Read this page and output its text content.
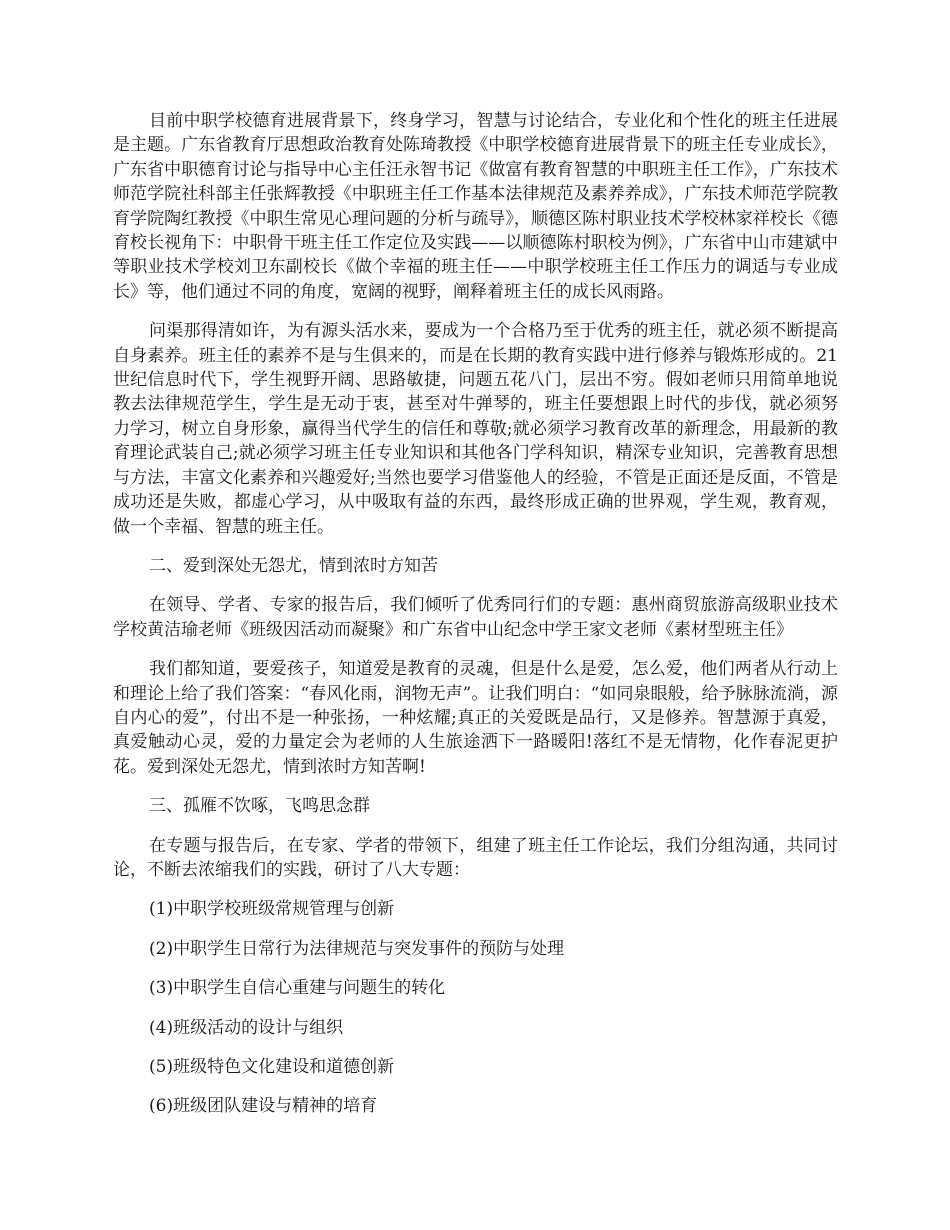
目前中职学校德育进展背景下，终身学习，智慧与讨论结合，专业化和个性化的班主任进展是主题。广东省教育厅思想政治教育处陈琦教授《中职学校德育进展背景下的班主任专业成长》，广东省中职德育讨论与指导中心主任汪永智书记《做富有教育智慧的中职班主任工作》，广东技术师范学院社科部主任张辉教授《中职班主任工作基本法律规范及素养养成》，广东技术师范学院教育学院陶红教授《中职生常见心理问题的分析与疏导》，顺德区陈村职业技术学校林家祥校长《德育校长视角下：中职骨干班主任工作定位及实践——以顺德陈村职校为例》，广东省中山市建斌中等职业技术学校刘卫东副校长《做个幸福的班主任——中职学校班主任工作压力的调适与专业成长》等，他们通过不同的角度，宽阔的视野，阐释着班主任的成长风雨路。

问渠那得清如许，为有源头活水来，要成为一个合格乃至于优秀的班主任，就必须不断提高自身素养。班主任的素养不是与生俱来的，而是在长期的教育实践中进行修养与锻炼形成的。21世纪信息时代下，学生视野开阔、思路敏捷，问题五花八门，层出不穷。假如老师只用简单地说教去法律规范学生，学生是无动于衷，甚至对牛弹琴的，班主任要想跟上时代的步伐，就必须努力学习，树立自身形象，赢得当代学生的信任和尊敬;就必须学习教育改革的新理念，用最新的教育理论武装自己;就必须学习班主任专业知识和其他各门学科知识，精深专业知识，完善教育思想与方法，丰富文化素养和兴趣爱好;当然也要学习借鉴他人的经验，不管是正面还是反面，不管是成功还是失败，都虚心学习，从中吸取有益的东西，最终形成正确的世界观，学生观，教育观，做一个幸福、智慧的班主任。

二、爱到深处无怨尤，情到浓时方知苦

在领导、学者、专家的报告后，我们倾听了优秀同行们的专题：惠州商贸旅游高级职业技术学校黄洁瑜老师《班级因活动而凝聚》和广东省中山纪念中学王家文老师《素材型班主任》

我们都知道，要爱孩子，知道爱是教育的灵魂，但是什么是爱，怎么爱，他们两者从行动上和理论上给了我们答案：“春风化雨，润物无声”。让我们明白：“如同泉眼般，给予脉脉流淌，源自内心的爱”，付出不是一种张扬，一种炫耀;真正的关爱既是品行，又是修养。智慧源于真爱，真爱触动心灵，爱的力量定会为老师的人生旅途洒下一路暖阳!落红不是无情物，化作春泥更护花。爱到深处无怨尤，情到浓时方知苦啊!

三、孤雁不饮啄，飞鸣思念群

在专题与报告后，在专家、学者的带领下，组建了班主任工作论坛，我们分组沟通，共同讨论，不断去浓缩我们的实践，研讨了八大专题：

(1)中职学校班级常规管理与创新

(2)中职学生日常行为法律规范与突发事件的预防与处理

(3)中职学生自信心重建与问题生的转化

(4)班级活动的设计与组织

(5)班级特色文化建设和道德创新

(6)班级团队建设与精神的培育
